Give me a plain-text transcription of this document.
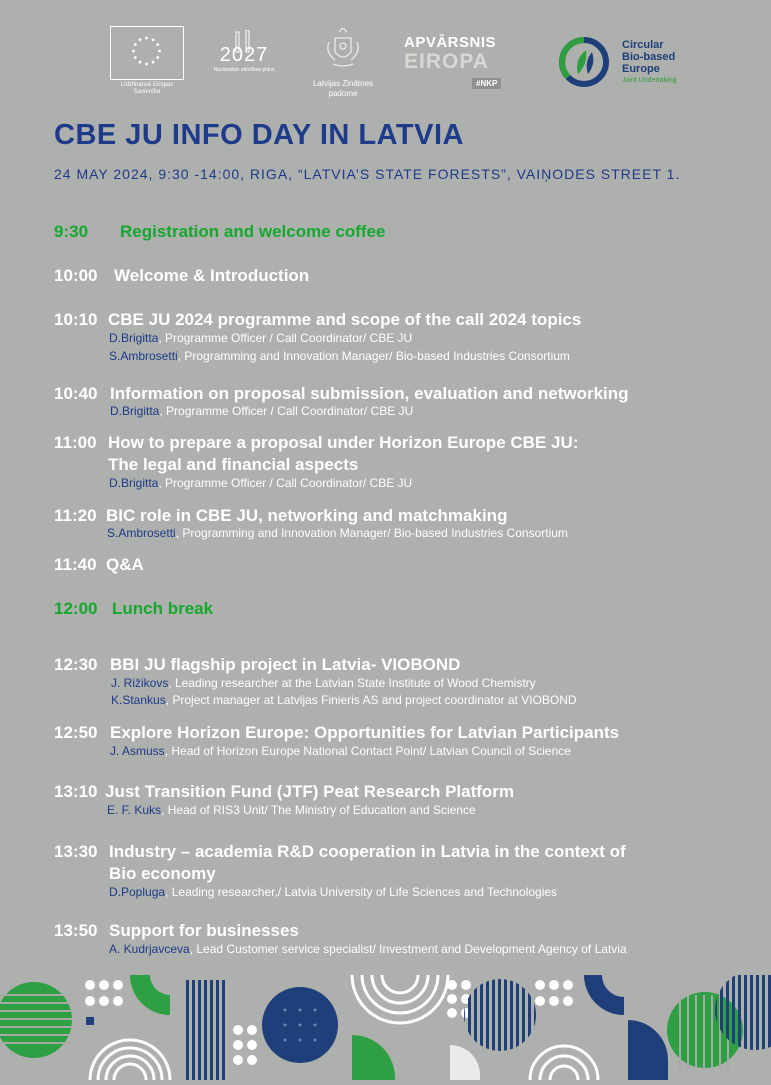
Līdzfinansē Eiropas Savienība
2027
Nacionālais attīstības plāns
Latvijas Zinātnes padome
APVĀRSNIS
EIROPA
#NKP
Circular
Bio-based
Europe
Joint Undertaking
CBE JU INFO DAY IN LATVIA
24 MAY 2024, 9:30 -14:00, RIGA, “LATVIA’S STATE FORESTS”, VAIŅODES STREET 1.
9:30 Registration and welcome coffee
10:00 Welcome & Introduction
10:10 CBE JU 2024 programme and scope of the call 2024 topics
D.Brigitta, Programme Officer / Call Coordinator/ CBE JU
S.Ambrosetti, Programming and Innovation Manager/ Bio-based Industries Consortium
10:40 Information on proposal submission, evaluation and networking
D.Brigitta, Programme Officer / Call Coordinator/ CBE JU
11:00 How to prepare a proposal under Horizon Europe CBE JU:
The legal and financial aspects
D.Brigitta, Programme Officer / Call Coordinator/ CBE JU
11:20 BIC role in CBE JU, networking and matchmaking
S.Ambrosetti, Programming and Innovation Manager/ Bio-based Industries Consortium
11:40 Q&A
12:00 Lunch break
12:30 BBI JU flagship project in Latvia- VIOBOND
J. Rižikovs, Leading researcher at the Latvian State Institute of Wood Chemistry
K.Stankus, Project manager at Latvijas Finieris AS and project coordinator at VIOBOND
12:50 Explore Horizon Europe: Opportunities for Latvian Participants
J. Asmuss, Head of Horizon Europe National Contact Point/ Latvian Council of Science
13:10 Just Transition Fund (JTF) Peat Research Platform
E. F. Kuks, Head of RIS3 Unit/ The Ministry of Education and Science
13:30 Industry – academia R&D cooperation in Latvia in the context of
Bio economy
D.Popluga, Leading researcher,/ Latvia University of Life Sciences and Technologies
13:50 Support for businesses
A. Kudrjavceva, Lead Customer service specialist/ Investment and Development Agency of Latvia
